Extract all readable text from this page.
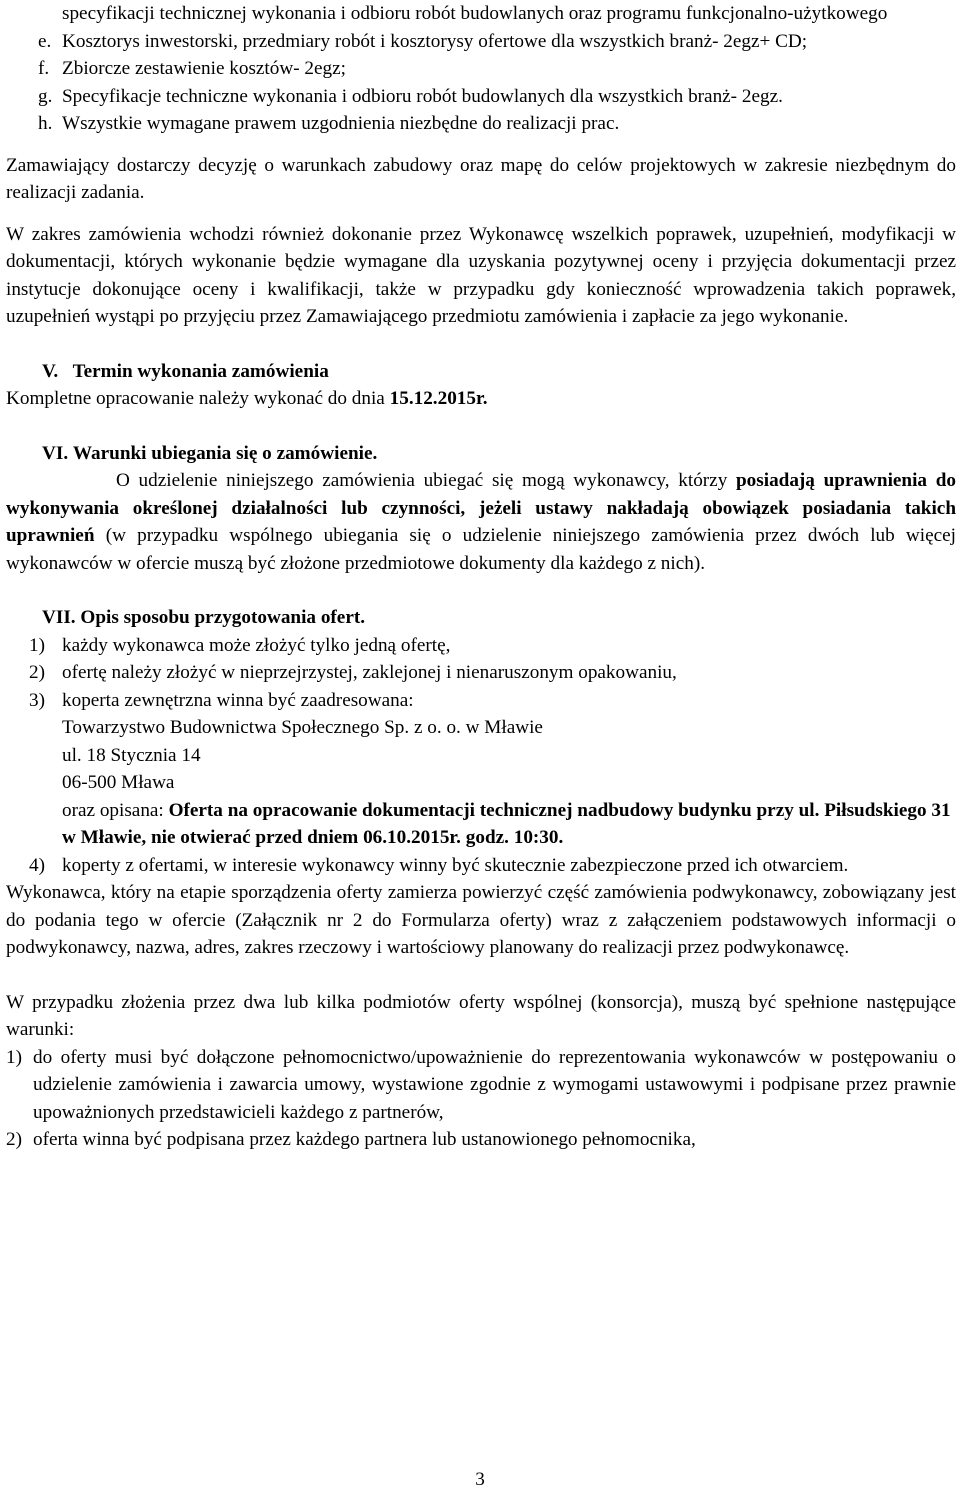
specyfikacji technicznej wykonania i odbioru robót budowlanych oraz programu funkcjonalno-użytkowego
e. Kosztorys inwestorski, przedmiary robót i kosztorysy ofertowe dla wszystkich branż- 2egz+ CD;
f. Zbiorcze zestawienie kosztów- 2egz;
g. Specyfikacje techniczne wykonania i odbioru robót budowlanych dla wszystkich branż- 2egz.
h. Wszystkie wymagane prawem uzgodnienia niezbędne do realizacji prac.

Zamawiający dostarczy decyzję o warunkach zabudowy oraz mapę do celów projektowych w zakresie niezbędnym do realizacji zadania.

W zakres zamówienia wchodzi również dokonanie przez Wykonawcę wszelkich poprawek, uzupełnień, modyfikacji w dokumentacji, których wykonanie będzie wymagane dla uzyskania pozytywnej oceny i przyjęcia dokumentacji przez instytucje dokonujące oceny i kwalifikacji, także w przypadku gdy konieczność wprowadzenia takich poprawek, uzupełnień wystąpi po przyjęciu przez Zamawiającego przedmiotu zamówienia i zapłacie za jego wykonanie.

V. Termin wykonania zamówienia

Kompletne opracowanie należy wykonać do dnia 15.12.2015r.

VI. Warunki ubiegania się o zamówienie.

O udzielenie niniejszego zamówienia ubiegać się mogą wykonawcy, którzy posiadają uprawnienia do wykonywania określonej działalności lub czynności, jeżeli ustawy nakładają obowiązek posiadania takich uprawnień (w przypadku wspólnego ubiegania się o udzielenie niniejszego zamówienia przez dwóch lub więcej wykonawców w ofercie muszą być złożone przedmiotowe dokumenty dla każdego z nich).

VII. Opis sposobu przygotowania ofert.

1) każdy wykonawca może złożyć tylko jedną ofertę,
2) ofertę należy złożyć w nieprzejrzystej, zaklejonej i nienaruszonym opakowaniu,
3) koperta zewnętrzna winna być zaadresowana:

Towarzystwo Budownictwa Społecznego Sp. z o. o. w Mławie

ul. 18 Stycznia 14

06-500 Mława

oraz opisana: Oferta na opracowanie dokumentacji technicznej nadbudowy budynku przy ul. Piłsudskiego 31 w Mławie, nie otwierać przed dniem 06.10.2015r. godz. 10:30.

4) koperty z ofertami, w interesie wykonawcy winny być skutecznie zabezpieczone przed ich otwarciem.

Wykonawca, który na etapie sporządzenia oferty zamierza powierzyć część zamówienia podwykonawcy, zobowiązany jest do podania tego w ofercie (Załącznik nr 2 do Formularza oferty) wraz z załączeniem podstawowych informacji o podwykonawcy, nazwa, adres, zakres rzeczowy i wartościowy planowany do realizacji przez podwykonawcę.

W przypadku złożenia przez dwa lub kilka podmiotów oferty wspólnej (konsorcja), muszą być spełnione następujące warunki:

1) do oferty musi być dołączone pełnomocnictwo/upoważnienie do reprezentowania wykonawców w postępowaniu o udzielenie zamówienia i zawarcia umowy, wystawione zgodnie z wymogami ustawowymi i podpisane przez prawnie upoważnionych przedstawicieli każdego z partnerów,
2) oferta winna być podpisana przez każdego partnera lub ustanowionego pełnomocnika,
3
